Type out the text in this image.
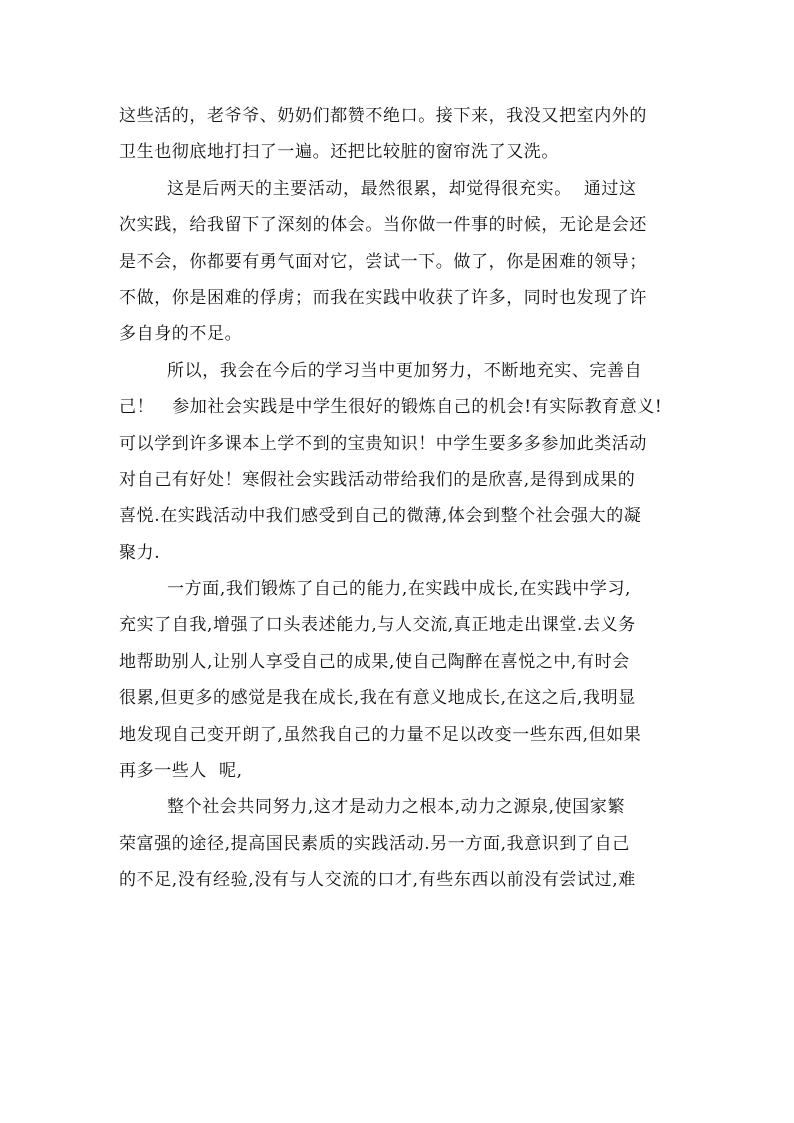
这些活的，老爷爷、奶奶们都赞不绝口。接下来，我没又把室内外的
卫生也彻底地打扫了一遍。还把比较脏的窗帘洗了又洗。

这是后两天的主要活动，最然很累，却觉得很充实。  通过这
次实践，给我留下了深刻的体会。当你做一件事的时候，无论是会还
是不会，你都要有勇气面对它，尝试一下。做了，你是困难的领导；
不做，你是困难的俘虏；而我在实践中收获了许多，同时也发现了许
多自身的不足。

所以，我会在今后的学习当中更加努力，不断地充实、完善自
己！   参加社会实践是中学生很好的锻炼自己的机会!有实际教育意义!
可以学到许多课本上学不到的宝贵知识！中学生要多多参加此类活动
对自己有好处！寒假社会实践活动带给我们的是欣喜,是得到成果的
喜悦.在实践活动中我们感受到自己的微薄,体会到整个社会强大的凝
聚力.

一方面,我们锻炼了自己的能力,在实践中成长,在实践中学习,
充实了自我,增强了口头表述能力,与人交流,真正地走出课堂.去义务
地帮助别人,让别人享受自己的成果,使自己陶醉在喜悦之中,有时会
很累,但更多的感觉是我在成长,我在有意义地成长,在这之后,我明显
地发现自己变开朗了,虽然我自己的力量不足以改变一些东西,但如果
再多一些人  呢,

整个社会共同努力,这才是动力之根本,动力之源泉,使国家繁
荣富强的途径,提高国民素质的实践活动.另一方面,我意识到了自己
的不足,没有经验,没有与人交流的口才,有些东西以前没有尝试过,难
